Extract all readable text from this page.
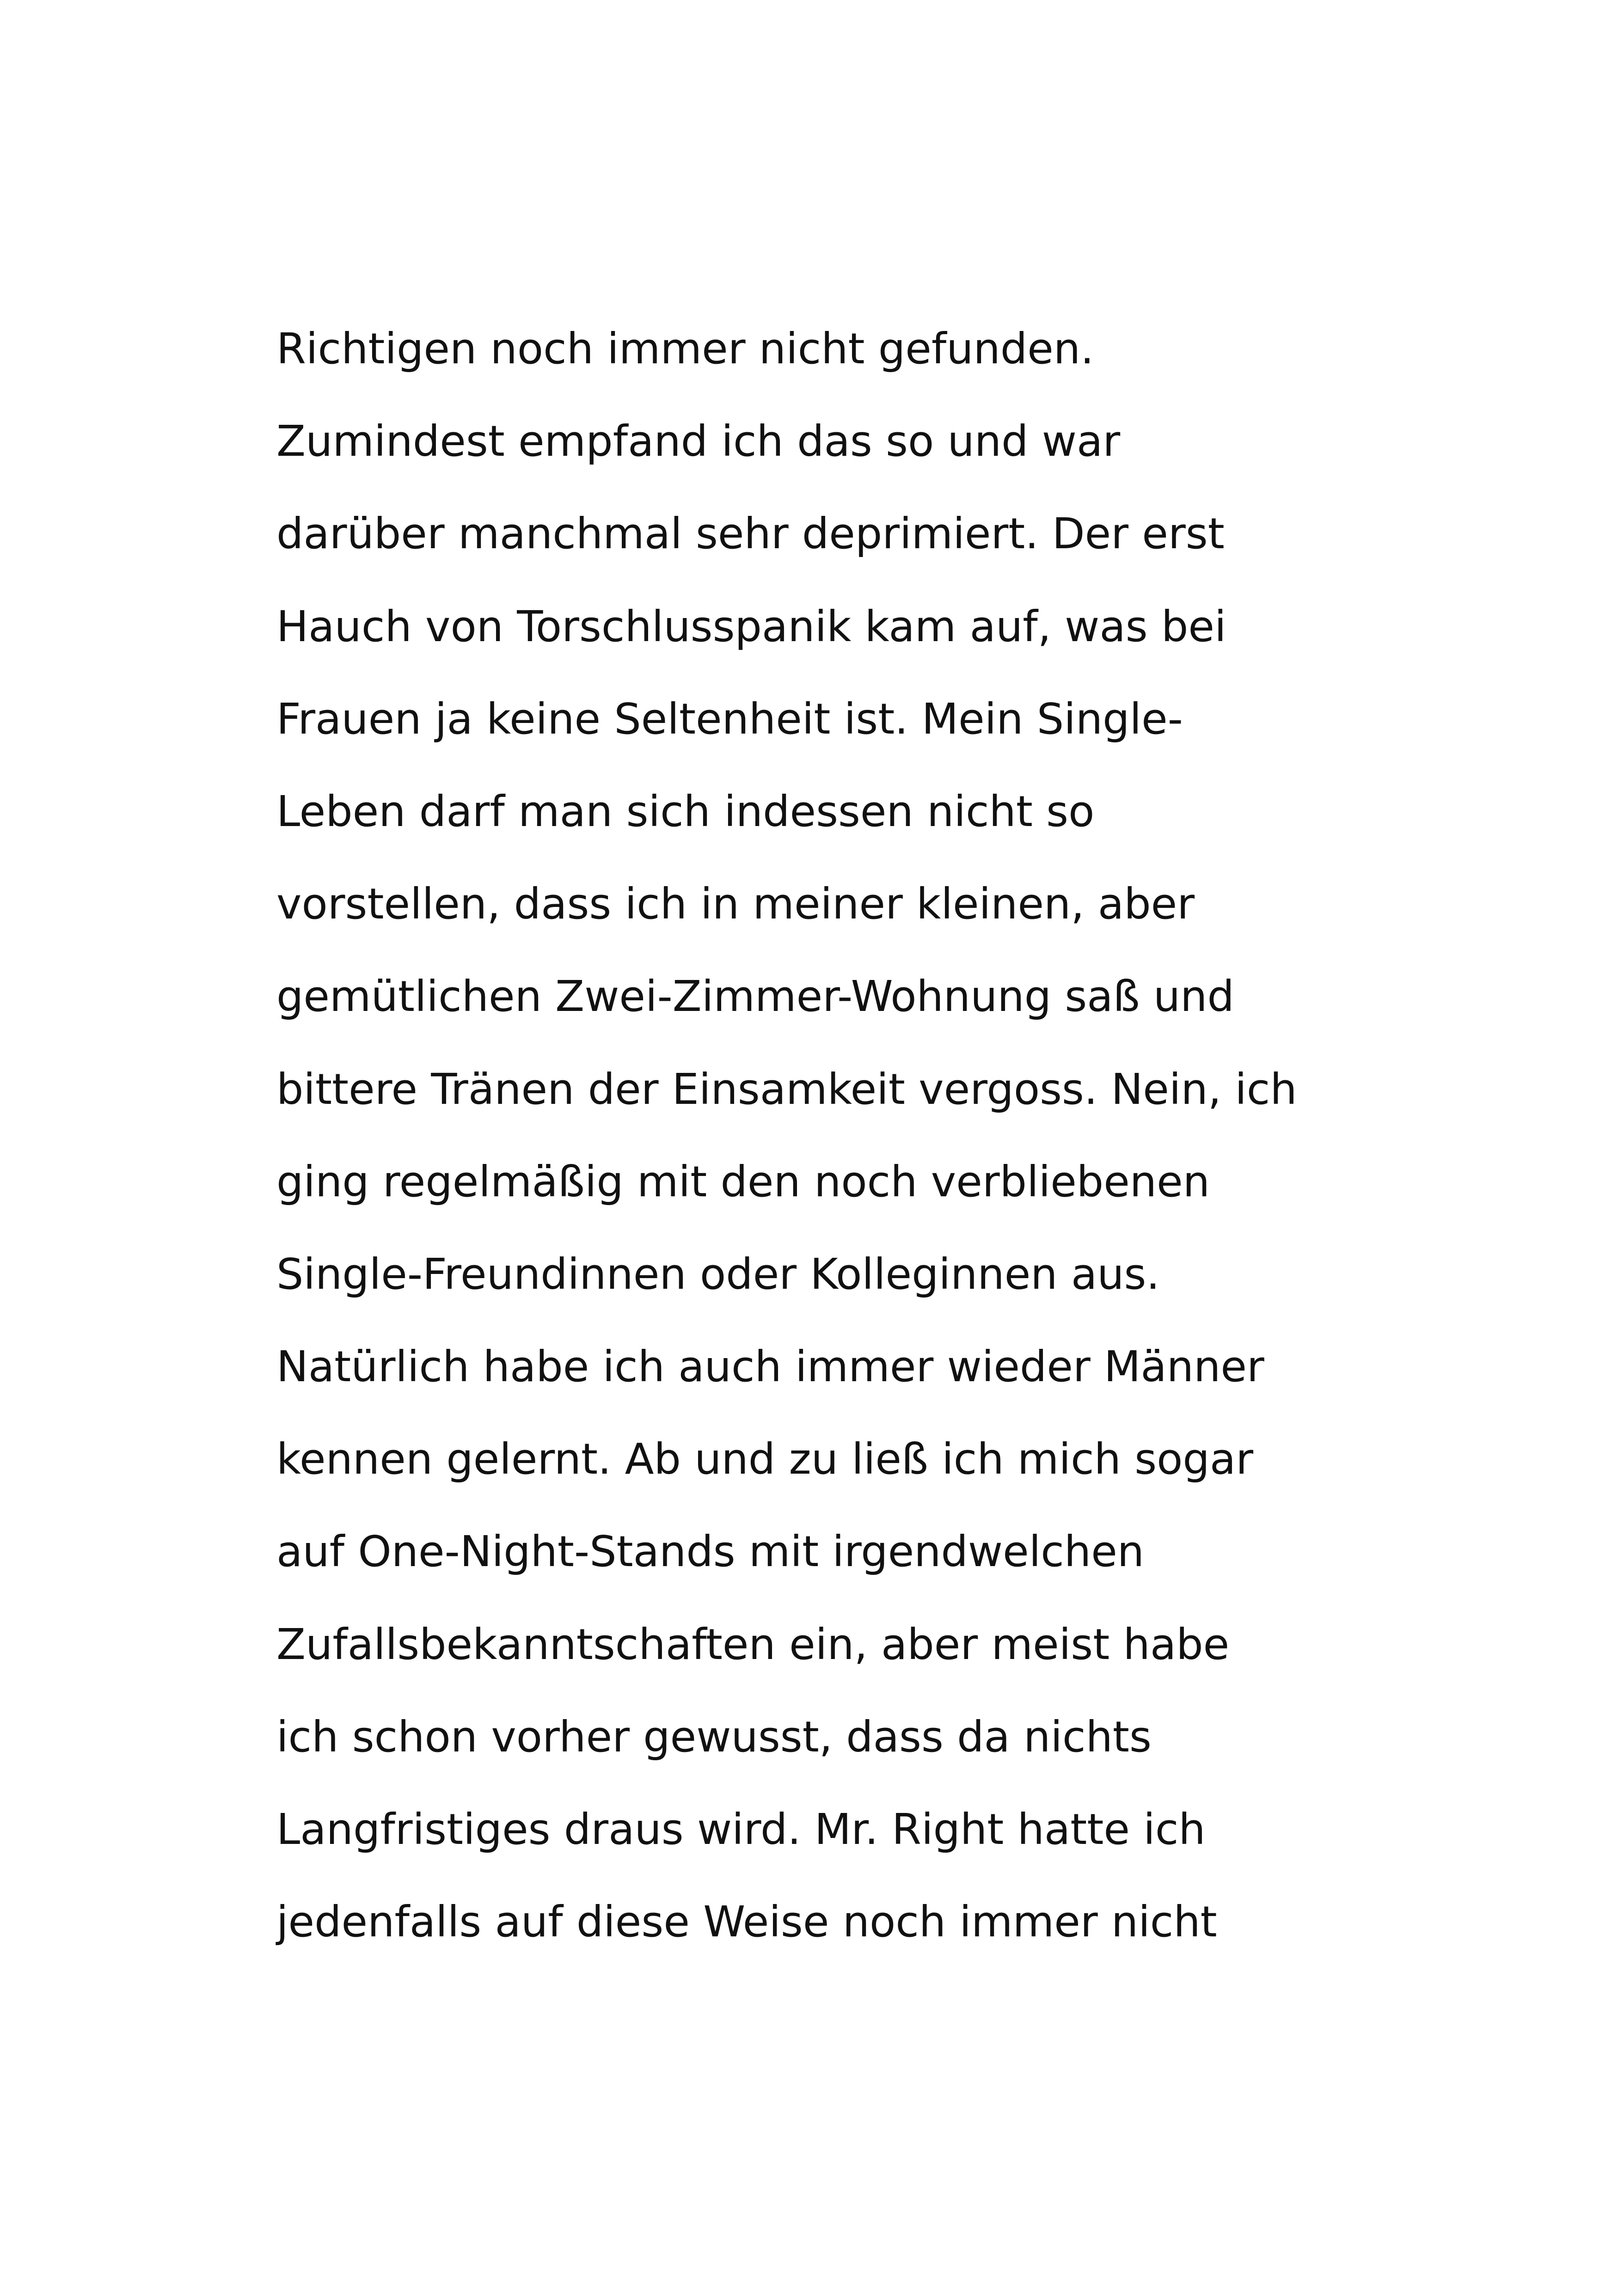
Richtigen noch immer nicht gefunden.
Zumindest empfand ich das so und war
darüber manchmal sehr deprimiert. Der erst
Hauch von Torschlusspanik kam auf, was bei
Frauen ja keine Seltenheit ist. Mein Single-
Leben darf man sich indessen nicht so
vorstellen, dass ich in meiner kleinen, aber
gemütlichen Zwei-Zimmer-Wohnung saß und
bittere Tränen der Einsamkeit vergoss. Nein, ich
ging regelmäßig mit den noch verbliebenen
Single-Freundinnen oder Kolleginnen aus.
Natürlich habe ich auch immer wieder Männer
kennen gelernt. Ab und zu ließ ich mich sogar
auf One-Night-Stands mit irgendwelchen
Zufallsbekanntschaften ein, aber meist habe
ich schon vorher gewusst, dass da nichts
Langfristiges draus wird. Mr. Right hatte ich
jedenfalls auf diese Weise noch immer nicht
